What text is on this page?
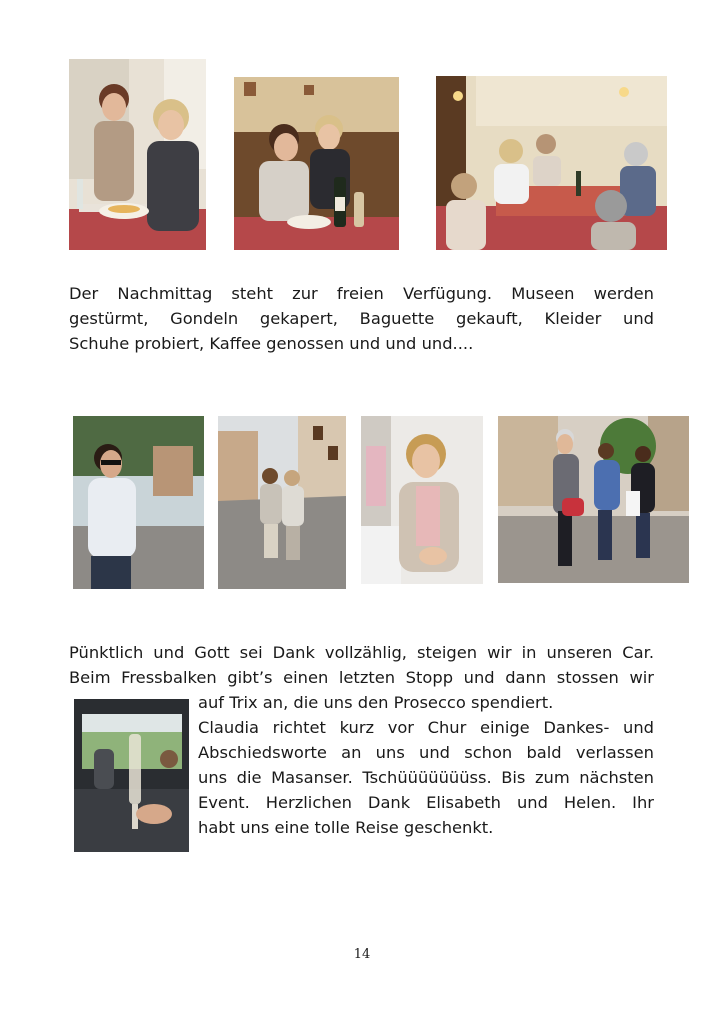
Der Nachmittag steht zur freien Verfügung. Museen werden
gestürmt, Gondeln gekapert, Baguette gekauft, Kleider und
Schuhe probiert, Kaffee genossen und und und....

Pünktlich und Gott sei Dank vollzählig, steigen wir in unseren Car.
Beim Fressbalken gibt’s einen letzten Stopp und dann stossen wir

auf Trix an, die uns den Prosecco spendiert.
Claudia richtet kurz vor Chur einige Dankes- und
Abschiedsworte an uns und schon bald verlassen
uns die Masanser. Tschüüüüüüüss. Bis zum nächsten
Event. Herzlichen Dank Elisabeth und Helen. Ihr
habt uns eine tolle Reise geschenkt.

14
